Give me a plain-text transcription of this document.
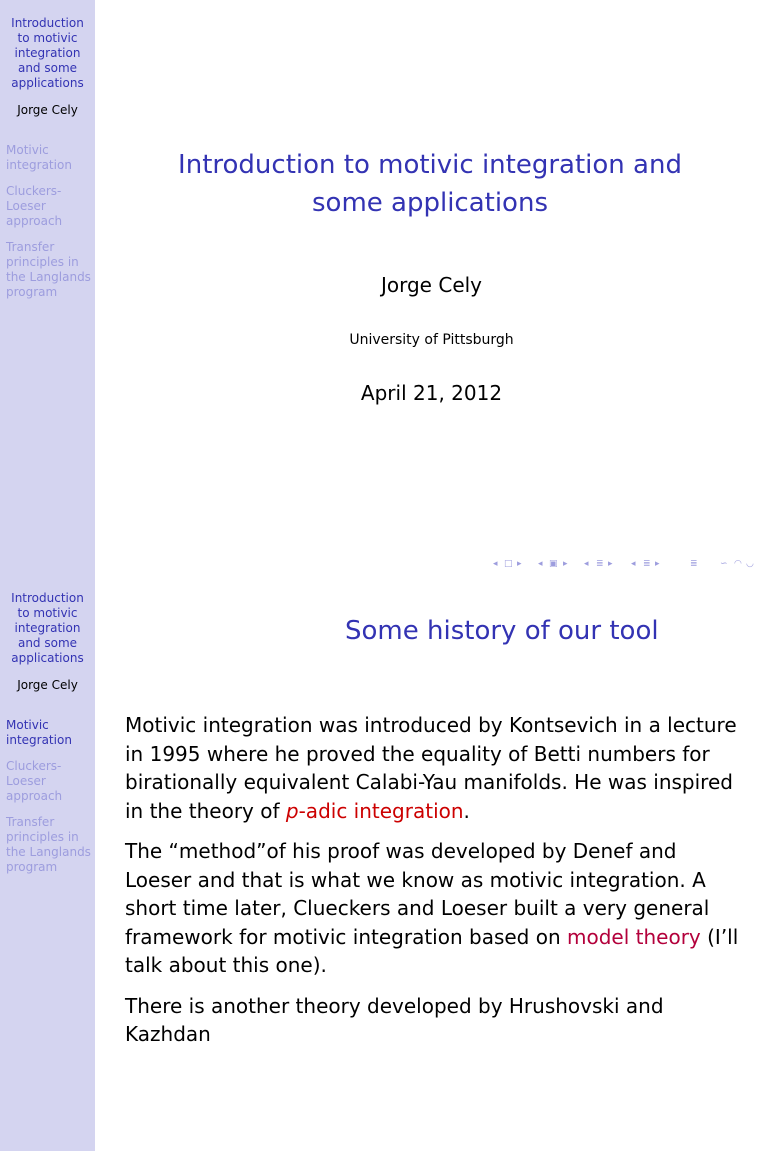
Introduction to motivic integration and some applications
Jorge Cely
Motivic integration
Cluckers-Loeser approach
Transfer principles in the Langlands program
Introduction to motivic integration and some applications
Jorge Cely
University of Pittsburgh
April 21, 2012
◂ □ ▸ ◂ ▣ ▸ ◂ ≣ ▸ ◂ ≣ ▸	≣ ∽ ◠ ◡
Introduction to motivic integration and some applications
Jorge Cely
Motivic integration
Cluckers-Loeser approach
Transfer principles in the Langlands program
Some history of our tool

Motivic integration was introduced by Kontsevich in a lecture in 1995 where he proved the equality of Betti numbers for birationally equivalent Calabi-Yau manifolds. He was inspired in the theory of p-adic integration.

The “method”of his proof was developed by Denef and Loeser and that is what we know as motivic integration. A short time later, Clueckers and Loeser built a very general framework for motivic integration based on model theory (I’ll talk about this one).

There is another theory developed by Hrushovski and Kazhdan
